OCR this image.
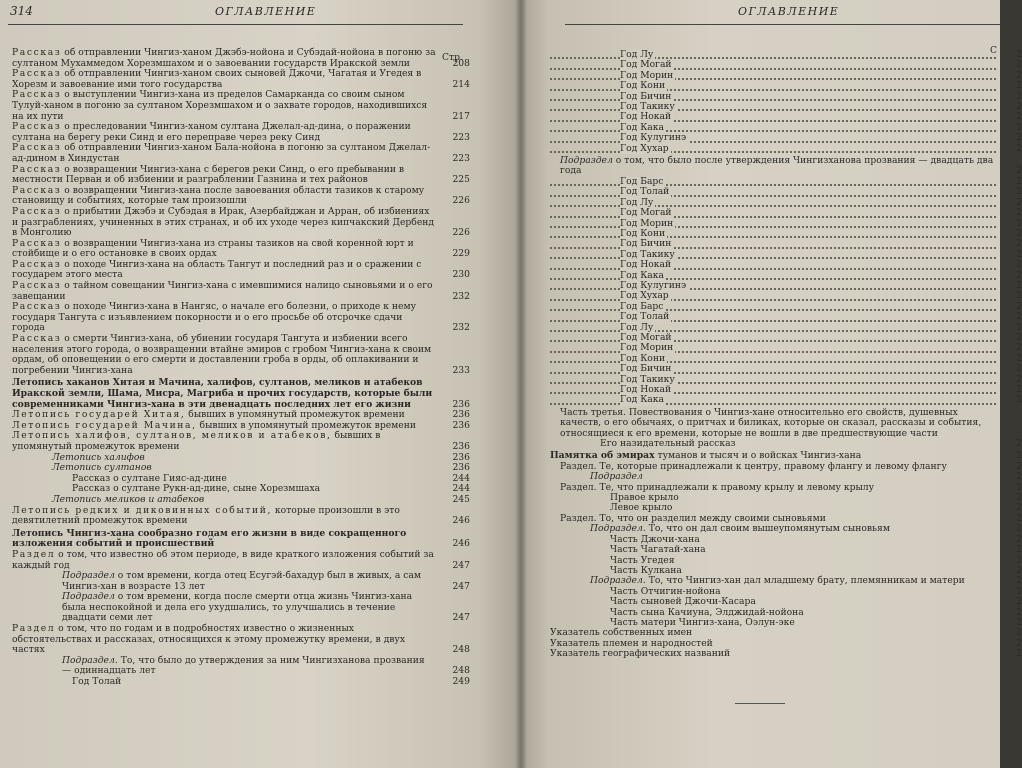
314	ОГЛАВЛЕНИЕ
Стр.
Рассказ об отправлении Чингиз-ханом Джэбэ-нойона и Субэдай-нойона в погоню за султаном Мухаммедом Хорезмшахом и о завоевании государств Иракской земли	208
Рассказ об отправлении Чингиз-ханом своих сыновей Джочи, Чагатая и Угедея в Хорезм и завоевание ими того государства	214
Рассказ о выступлении Чингиз-хана из пределов Самарканда со своим сыном Тулуй-ханом в погоню за султаном Хорезмшахом и о захвате городов, находившихся на их пути	217
Рассказ о преследовании Чингиз-ханом султана Джелал-ад-дина, о поражении султана на берегу реки Синд и его переправе через реку Синд	223
Рассказ об отправлении Чингиз-ханом Бала-нойона в погоню за султаном Джелал-ад-дином в Хиндустан	223
Рассказ о возвращении Чингиз-хана с берегов реки Синд, о его пребывании в местности Перван и об избиении и разграблении Газнина и тех районов	225
Рассказ о возвращении Чингиз-хана после завоевания области тазиков к старому становищу и событиях, которые там произошли	226
Рассказ о прибытии Джэбэ и Субэдая в Ирак, Азербайджан и Арран, об избиениях и разграблениях, учиненных в этих странах, и об их уходе через кипчакский Дербенд в Монголию	226
Рассказ о возвращении Чингиз-хана из страны тазиков на свой коренной юрт и стойбище и о его остановке в своих ордах	229
Рассказ о походе Чингиз-хана на область Тангут и последний раз и о сражении с государем этого места	230
Рассказ о тайном совещании Чингиз-хана с имевшимися налицо сыновьями и о его завещании	232
Рассказ о походе Чингиз-хана в Нангяс, о начале его болезни, о приходе к нему государя Тангута с изъявлением покорности и о его просьбе об отсрочке сдачи города	232
Рассказ о смерти Чингиз-хана, об убиении государя Тангута и избиении всего населения этого города, о возвращении втайне эмиров с гробом Чингиз-хана к своим ордам, об оповещении о его смерти и доставлении гроба в орды, об оплакивании и погребении Чингиз-хана	233
Летопись хаканов Хитая и Мачина, халифов, султанов, меликов и атабеков Иракской земли, Шама, Мисра, Магриба и прочих государств, которые были современниками Чингиз-хана в эти двенадцать последних лет его жизни	236
Летопись государей Хитая, бывших в упомянутый промежуток времени	236
Летопись государей Мачина, бывших в упомянутый промежуток времени	236
Летопись халифов, султанов, меликов и атабеков, бывших в упомянутый промежуток времени	236
Летопись халифов	236
Летопись султанов	236
Рассказ о султане Гияс-ад-дине	244
Рассказ о султане Рукн-ад-дине, сыне Хорезмшаха	244
Летопись меликов и атабеков	245
Летопись редких и диковинных событий, которые произошли в это девятилетний промежуток времени	246
Летопись Чингиз-хана сообразно годам его жизни в виде сокращенного изложения событий и происшествий	246
Раздел о том, что известно об этом периоде, в виде краткого изложения событий за каждый год	247
Подраздел о том времени, когда отец Есугэй-бахадур был в живых, а сам Чингиз-хан в возрасте 13 лет	247
Подраздел о том времени, когда после смерти отца жизнь Чингиз-хана была неспокойной и дела его ухудшались, то улучшались в течение двадцати семи лет	247
Раздел о том, что по годам и в подробностях известно о жизненных обстоятельствах и рассказах, относящихся к этому промежутку времени, в двух частях	248
Подраздел. То, что было до утверждения за ним Чингизханова прозвания — одиннадцать лет	248
Год Толай	249
ОГЛАВЛЕНИЕ
С
Год Лу	2
Год Могай	2
Год Морин	2
Год Кони	2
Год Бичин	2
Год Такику	2
Год Нокай	2
Год Кака	2
Год Кулугинэ	2
Год Хухар	2
Подраздел о том, что было после утверждения Чингизханова прозвания — двадцать два года	2
Год Барс	2
Год Толай	2
Год Лу	2
Год Могай	2
Год Морин	2
Год Кони	2
Год Бичин	2
Год Такику	2
Год Нокай	2
Год Кака	2
Год Кулугинэ	2
Год Хухар	2
Год Барс	2
Год Толай	2
Год Лу	2
Год Могай	2
Год Морин	2
Год Кони	2
Год Бичин	2
Год Такику	2
Год Нокай	2
Год Кака	2
Часть третья. Повествования о Чингиз-хане относительно его свойств, душевных качеств, о его обычаях, о притчах и биликах, которые он сказал, рассказы и события, относящиеся к его времени, которые не вошли в две предшествующие части
Его назидательный рассказ	2
Памятка об эмирах туманов и тысяч и о войсках Чингиз-хана	2
Раздел. Те, которые принадлежали к центру, правому флангу и левому флангу	2
Подраздел	2
Раздел. Те, что принадлежали к правому крылу и левому крылу	2
Правое крыло	2
Левое крыло	2
Раздел. То, что он разделил между своими сыновьями	2
Подраздел. То, что он дал своим вышеупомянутым сыновьям	2
Часть Джочи-хана	2
Часть Чагатай-хана	2
Часть Угедея	2
Часть Кулкана	2
Подраздел. То, что Чингиз-хан дал младшему брату, племянникам и матери	2
Часть Отчигин-нойона	2
Часть сыновей Джочи-Касара	2
Часть сына Качиуна, Элджидай-нойона	2
Часть матери Чингиз-хана, Оэлун-эке	2
Указатель собственных имен	2
Указатель племен и народностей	2
Указатель географических названий	2
